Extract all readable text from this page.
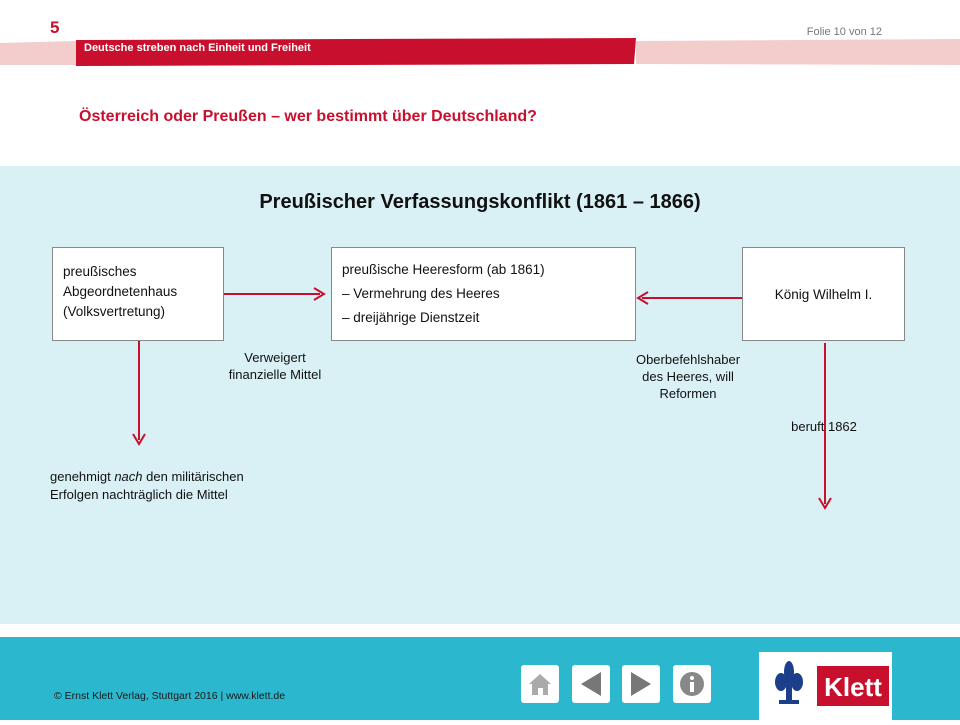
5	Folie 10 von 12
Deutsche streben nach Einheit und Freiheit
Österreich oder Preußen – wer bestimmt über Deutschland?
Preußischer Verfassungskonflikt (1861 – 1866)
preußisches
Abgeordnetenhaus
(Volksvertretung)
preußische Heeresform (ab 1861)
– Vermehrung des Heeres
– dreijährige Dienstzeit
König Wilhelm I.
Verweigert
finanzielle Mittel
Oberbefehlshaber
des Heeres, will
Reformen
beruft 1862
genehmigt nach den militärischen
Erfolgen nachträglich die Mittel
© Ernst Klett Verlag, Stuttgart 2016 | www.klett.de	Klett
